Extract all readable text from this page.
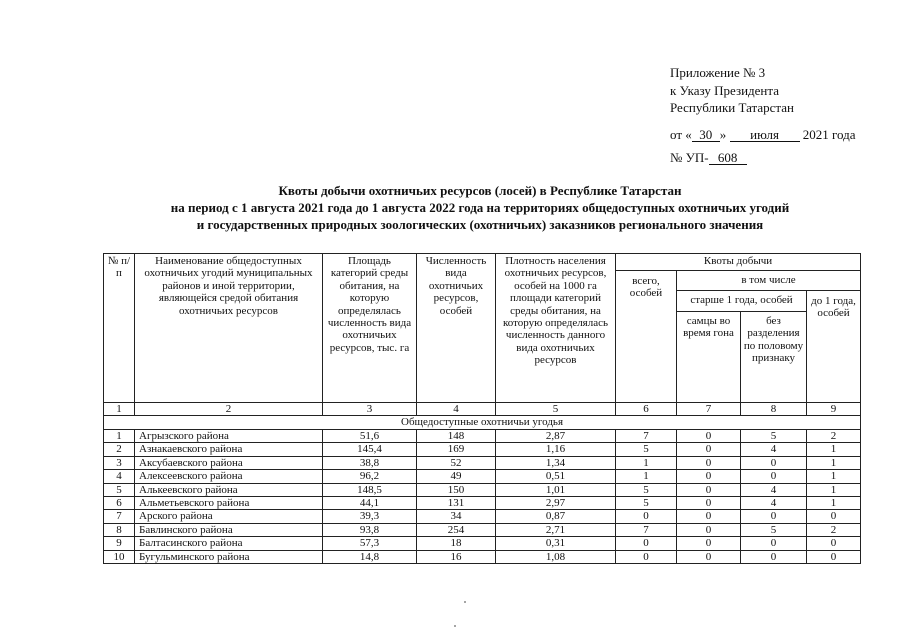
Приложение № 3
к Указу Президента
Республики Татарстан
от « 30 » июля 2021 года
№ УП- 608
Квоты добычи охотничьих ресурсов (лосей) в Республике Татарстан
на период с 1 августа 2021 года до 1 августа 2022 года на территориях общедоступных охотничьих угодий
и государственных природных зоологических (охотничьих) заказников регионального значения
№ п/п	Наименование общедоступных охотничьих угодий муниципальных районов и иной территории, являющейся средой обитания охотничьих ресурсов	Площадь категорий среды обитания, на которую определялась численность вида охотничьих ресурсов, тыс. га	Численность вида охотничьих ресурсов, особей	Плотность населения охотничьих ресурсов, особей на 1000 га площади категорий среды обитания, на которую определялась численность данного вида охотничьих ресурсов	Квоты добычи			
					всего, особей	в том числе		
						старше 1 года, особей		до 1 года, особей
						самцы во время гона	без разделения по половому признаку	
1	2	3	4	5	6	7	8	9
Общедоступные охотничьи угодья								
1	Агрызского района	51,6	148	2,87	7	0	5	2
2	Азнакаевского района	145,4	169	1,16	5	0	4	1
3	Аксубаевского района	38,8	52	1,34	1	0	0	1
4	Алексеевского района	96,2	49	0,51	1	0	0	1
5	Алькеевского района	148,5	150	1,01	5	0	4	1
6	Альметьевского района	44,1	131	2,97	5	0	4	1
7	Арского района	39,3	34	0,87	0	0	0	0
8	Бавлинского района	93,8	254	2,71	7	0	5	2
9	Балтасинского района	57,3	18	0,31	0	0	0	0
10	Бугульминского района	14,8	16	1,08	0	0	0	0
